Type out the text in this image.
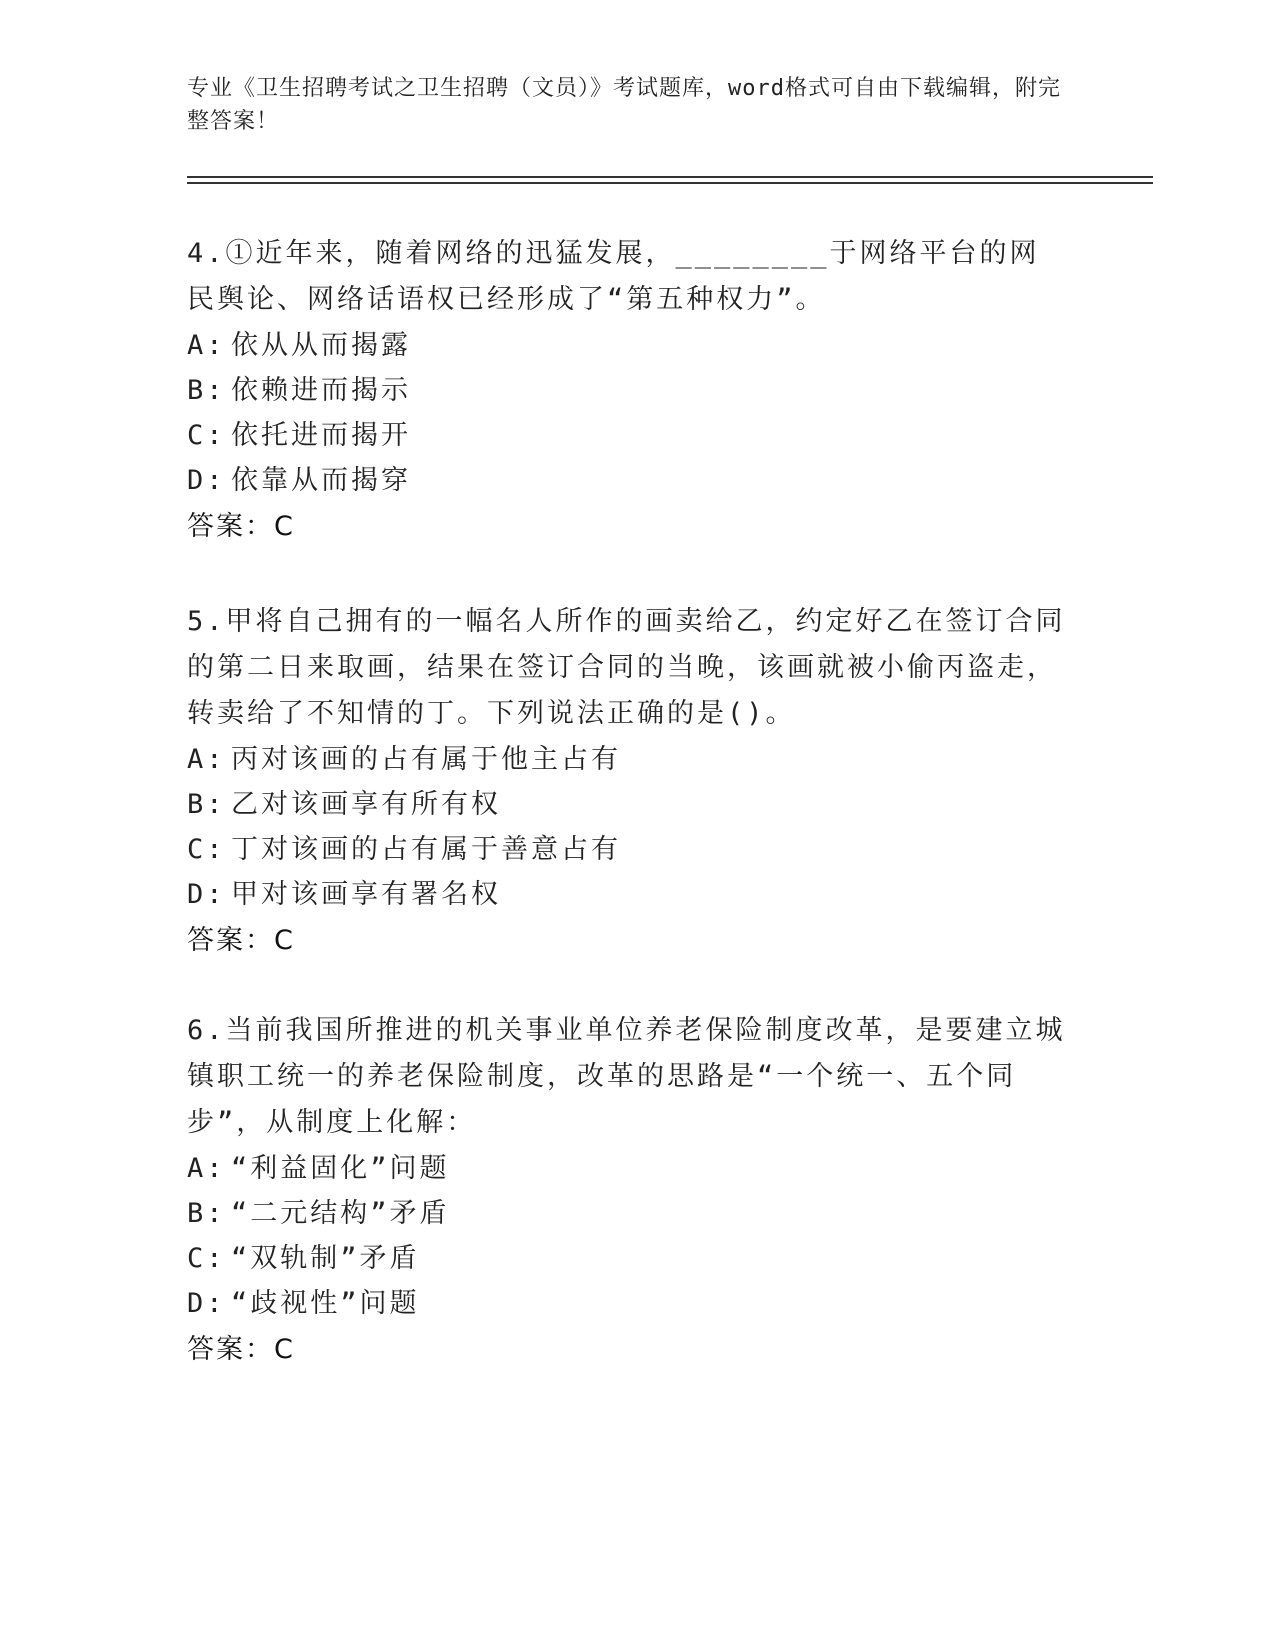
专业《卫生招聘考试之卫生招聘（文员）》考试题库，word格式可自由下载编辑，附完整答案！

4.①近年来，随着网络的迅猛发展，________于网络平台的网民舆论、网络话语权已经形成了“第五种权力”。

A: 依从从而揭露

B: 依赖进而揭示

C: 依托进而揭开

D: 依靠从而揭穿

答案：C

5.甲将自己拥有的一幅名人所作的画卖给乙，约定好乙在签订合同的第二日来取画，结果在签订合同的当晚，该画就被小偷丙盗走，转卖给了不知情的丁。下列说法正确的是()。

A: 丙对该画的占有属于他主占有

B: 乙对该画享有所有权

C: 丁对该画的占有属于善意占有

D: 甲对该画享有署名权

答案：C

6.当前我国所推进的机关事业单位养老保险制度改革，是要建立城镇职工统一的养老保险制度，改革的思路是“一个统一、五个同步”，从制度上化解：

A: “利益固化”问题

B: “二元结构”矛盾

C: “双轨制”矛盾

D: “歧视性”问题

答案：C
